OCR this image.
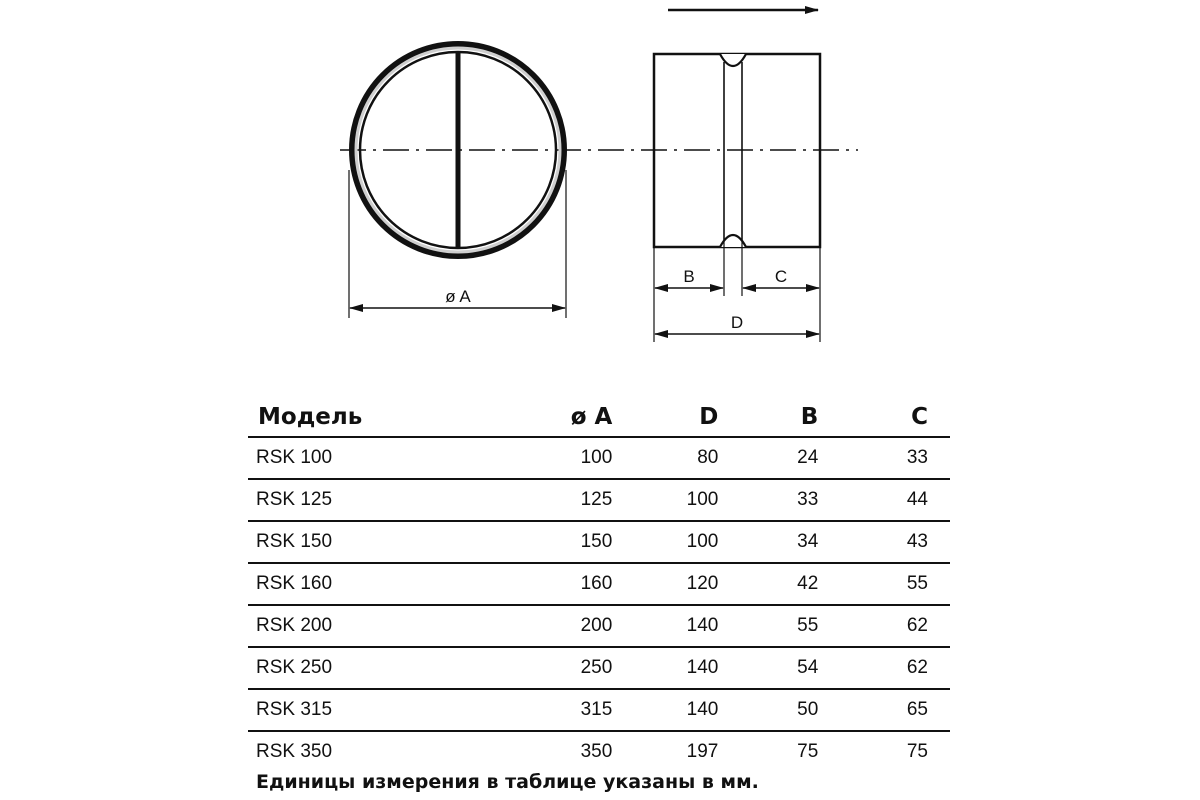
ø A
B	C
D
Модель	ø A	D	B	C
RSK 100	100	80	24	33
RSK 125	125	100	33	44
RSK 150	150	100	34	43
RSK 160	160	120	42	55
RSK 200	200	140	55	62
RSK 250	250	140	54	62
RSK 315	315	140	50	65
RSK 350	350	197	75	75
Единицы измерения в таблице указаны в мм.
